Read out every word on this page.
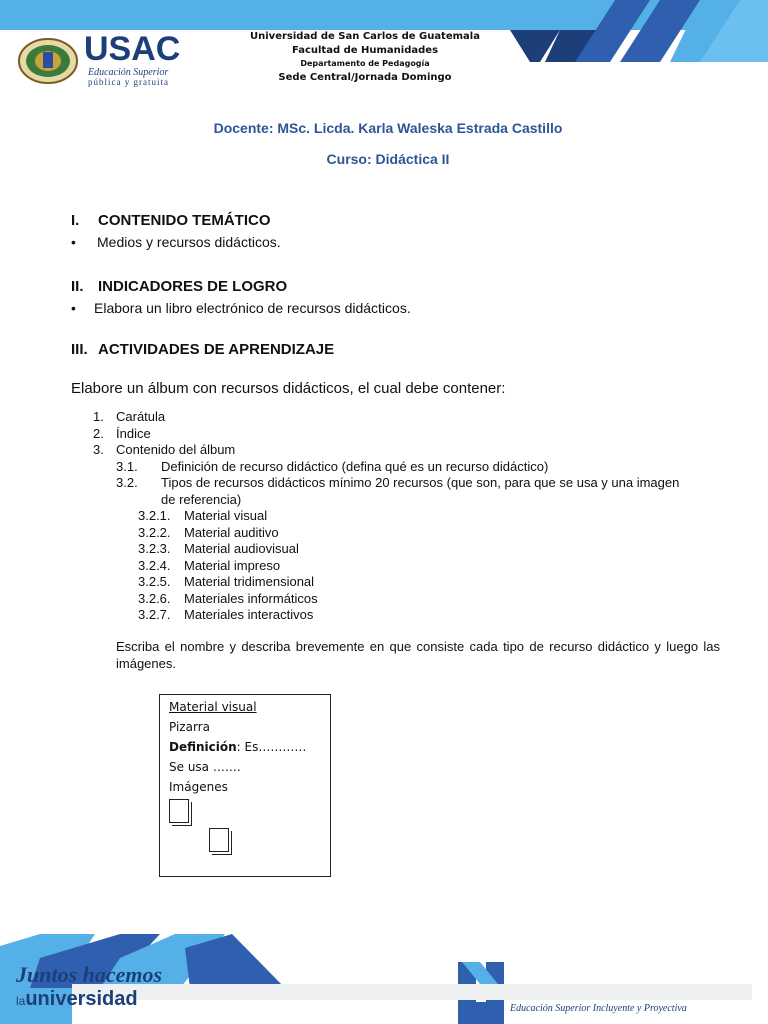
USAC
Educación Superior
pública y gratuita
Universidad de San Carlos de Guatemala
Facultad de Humanidades
Departamento de Pedagogía
Sede Central/Jornada Domingo
Docente: MSc. Licda. Karla Waleska Estrada Castillo
Curso: Didáctica II
I. CONTENIDO TEMÁTICO
• Medios y recursos didácticos.
II. INDICADORES DE LOGRO
• Elabora un libro electrónico de recursos didácticos.
III. ACTIVIDADES DE APRENDIZAJE
Elabore un álbum con recursos didácticos, el cual debe contener:
1. Carátula
2. Índice
3. Contenido del álbum
3.1. Definición de recurso didáctico (defina qué es un recurso didáctico)
3.2. Tipos de recursos didácticos mínimo 20 recursos (que son, para que se usa y una imagen
de referencia)
3.2.1. Material visual
3.2.2. Material auditivo
3.2.3. Material audiovisual
3.2.4. Material impreso
3.2.5. Material tridimensional
3.2.6. Materiales informáticos
3.2.7. Materiales interactivos
Escriba el nombre y describa brevemente en que consiste cada tipo de recurso didáctico y luego las imágenes.
Material visual
Pizarra
Definición: Es…………
Se usa …….
Imágenes
Juntos hacemos
launiversidad	Educación Superior Incluyente y Proyectiva
